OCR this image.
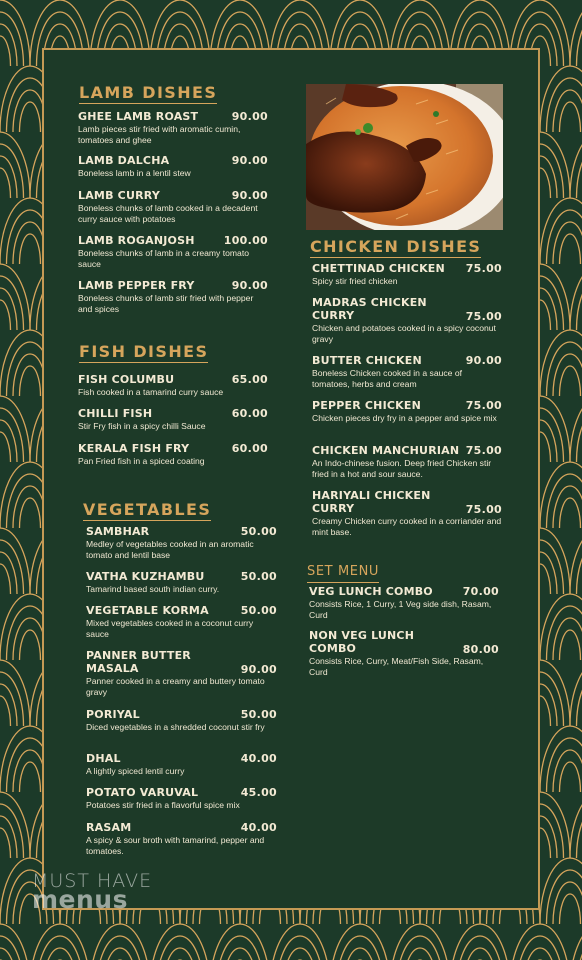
LAMB DISHES
GHEE LAMB ROAST	90.00
Lamb pieces stir fried with aromatic cumin, tomatoes and ghee
LAMB DALCHA	90.00
Boneless lamb in a lentil stew
LAMB CURRY	90.00
Boneless chunks of lamb cooked in a decadent curry sauce with potatoes
LAMB ROGANJOSH	100.00
Boneless chunks of lamb in a creamy tomato sauce
LAMB PEPPER FRY	90.00
Boneless chunks of lamb stir fried with pepper and spices
FISH DISHES
FISH COLUMBU	65.00
Fish cooked in a tamarind curry sauce
CHILLI FISH	60.00
Stir Fry fish in a spicy chilli Sauce
KERALA FISH FRY	60.00
Pan Fried fish in a spiced coating
VEGETABLES
SAMBHAR	50.00
Medley of vegetables cooked in an aromatic tomato and lentil base
VATHA KUZHAMBU	50.00
Tamarind based south indian curry.
VEGETABLE KORMA	50.00
Mixed vegetables cooked in a coconut curry sauce
PANNER BUTTER
MASALA	90.00
Panner cooked in a creamy and buttery tomato gravy
PORIYAL	50.00
Diced vegetables in a shredded coconut stir fry
DHAL	40.00
A lightly spiced lentil curry
POTATO VARUVAL	45.00
Potatoes stir fried in a flavorful spice mix
RASAM	40.00
A spicy & sour broth with tamarind, pepper and tomatoes.
CHICKEN DISHES
CHETTINAD CHICKEN	75.00
Spicy stir fried chicken
MADRAS CHICKEN
CURRY	75.00
Chicken and potatoes cooked in a spicy coconut gravy
BUTTER CHICKEN	90.00
Boneless Chicken cooked in a sauce of tomatoes, herbs and cream
PEPPER CHICKEN	75.00
Chicken pieces dry fry in a pepper and spice mix
CHICKEN MANCHURIAN 75.00
An Indo-chinese fusion. Deep fried Chicken stir fried in a hot and sour sauce.
HARIYALI CHICKEN
CURRY	75.00
Creamy Chicken curry cooked in a corriander and mint base.
SET MENU
VEG LUNCH COMBO	70.00
Consists Rice, 1 Curry, 1 Veg side dish, Rasam, Curd
NON VEG LUNCH
COMBO	80.00
Consists Rice, Curry, Meat/Fish Side, Rasam, Curd
MUST HAVE
menus
